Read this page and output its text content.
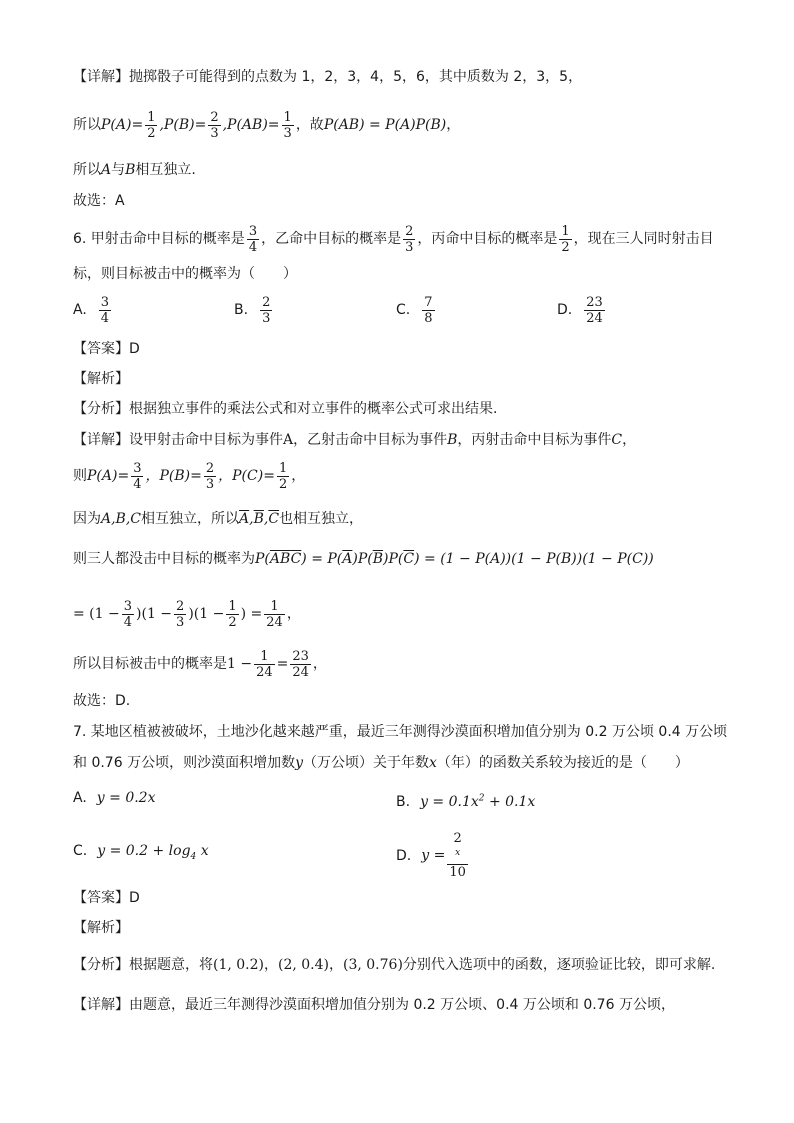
【详解】抛掷骰子可能得到的点数为 1，2，3，4，5，6，其中质数为 2，3，5，
所以$P(A)= \frac{1}{2} ,P(B)= \frac{2}{3} ,P(AB)= \frac{1}{3}$ ，故P(AB) = P(A)P(B)，
所以A与B相互独立.
故选：A
6. 甲射击命中目标的概率是 $\frac{3}{4}$ ，乙命中目标的概率是 $\frac{2}{3}$ ，丙命中目标的概率是 $\frac{1}{2}$ ，现在三人同时射击目
标，则目标被击中的概率为（　　）
A. $\frac{3}{4}$	B. $\frac{2}{3}$	C. $\frac{7}{8}$	D. $\frac{23}{24}$
【答案】D
【解析】
【分析】根据独立事件的乘法公式和对立事件的概率公式可求出结果.
【详解】设甲射击命中目标为事件A，乙射击命中目标为事件B，丙射击命中目标为事件C，
则$P(A)= \frac{3}{4}$ ，$P(B)= \frac{2}{3}$ ，$P(C)= \frac{1}{2}$ ，
因为A,B,C相互独立，所以$\overline{A},\overline{B},\overline{C}$也相互独立，
则三人都没击中目标的概率为$P(\overline{A}\overline{B}\overline{C}) = P(\overline{A})P(\overline{B})P(\overline{C}) = (1 - P(A))(1 - P(B))(1 - P(C))$
= $(1 - \frac{3}{4} )(1 - \frac{2}{3} )(1 - \frac{1}{2}$ ) = $\frac{1}{24}$ ，
所以目标被击中的概率是$1 - \frac{1}{24} = \frac{23}{24}$ ，
故选：D.
7. 某地区植被被破坏，土地沙化越来越严重，最近三年测得沙漠面积增加值分别为 0.2 万公顷 0.4 万公顷
和 0.76 万公顷，则沙漠面积增加数y（万公顷）关于年数x（年）的函数关系较为接近的是（　　）
A. y = 0.2x	B. $y = 0.1x^2 + 0.1x$
C. $y = 0.2 + \log_4 x$	D. y = 2
$^x$
10
【答案】D
【解析】
【分析】根据题意，将(1, 0.2)，(2, 0.4)，(3, 0.76)分别代入选项中的函数，逐项验证比较，即可求解.
【详解】由题意，最近三年测得沙漠面积增加值分别为 0.2 万公顷、0.4 万公顷和 0.76 万公顷，
